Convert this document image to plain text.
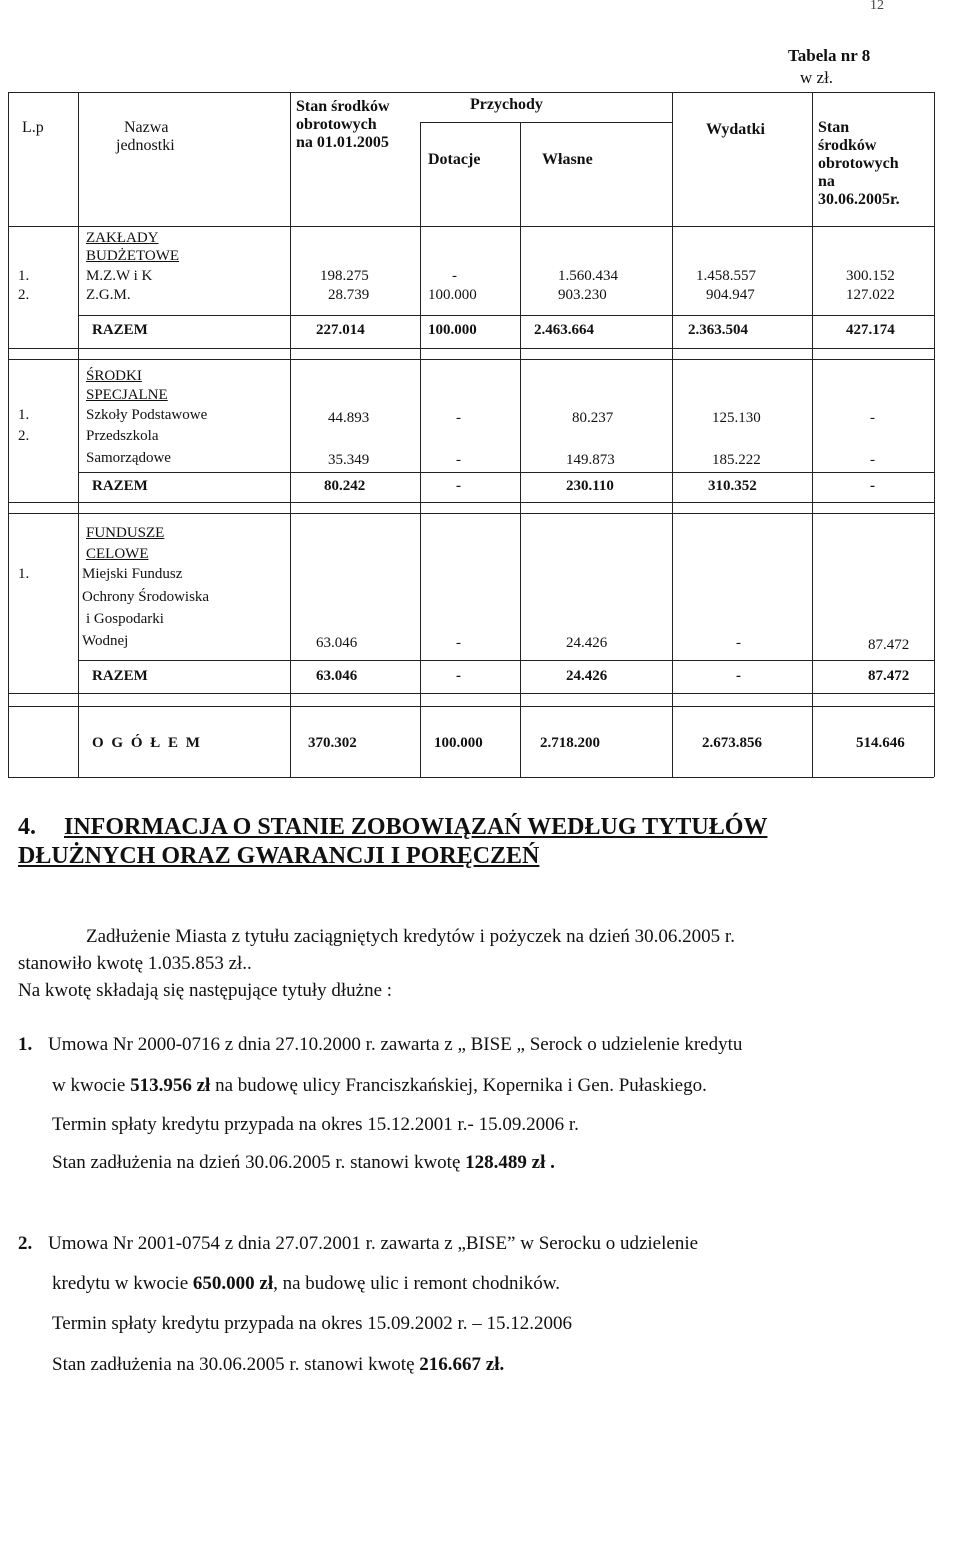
12
Tabela nr 8
w zł.
L.p	Nazwa
jednostki
Stan środków
obrotowych
na 01.01.2005
Przychody
Dotacje	Własne
Wydatki	Stan
środków
obrotowych
na
30.06.2005r.
ZAKŁADY
BUDŻETOWE
1.	M.Z.W i K	198.275	-	1.560.434	1.458.557	300.152
2.	Z.G.M.	28.739	100.000	903.230	904.947	127.022
RAZEM	227.014	100.000	2.463.664	2.363.504	427.174
ŚRODKI
SPECJALNE
1.	Szkoły Podstawowe	44.893	-	80.237	125.130	-
2.	Przedszkola
Samorządowe	35.349	-	149.873	185.222	-
RAZEM	80.242	-	230.110	310.352	-
FUNDUSZE
CELOWE
1.	Miejski Fundusz
Ochrony Środowiska
i Gospodarki
Wodnej	63.046	-	24.426	-	87.472
RAZEM	63.046	-	24.426	-	87.472
O G Ó Ł E M	370.302	100.000	2.718.200	2.673.856	514.646
4. INFORMACJA O STANIE ZOBOWIĄZAŃ WEDŁUG TYTUŁÓW
DŁUŻNYCH ORAZ GWARANCJI I PORĘCZEŃ
Zadłużenie Miasta z tytułu zaciągniętych kredytów i pożyczek na dzień 30.06.2005 r.
stanowiło kwotę 1.035.853 zł..
Na kwotę składają się następujące tytuły dłużne :
1. Umowa Nr 2000-0716 z dnia 27.10.2000 r. zawarta z „ BISE „ Serock o udzielenie kredytu
w kwocie 513.956 zł na budowę ulicy Franciszkańskiej, Kopernika i Gen. Pułaskiego.
Termin spłaty kredytu przypada na okres 15.12.2001 r.- 15.09.2006 r.
Stan zadłużenia na dzień 30.06.2005 r. stanowi kwotę 128.489 zł .
2. Umowa Nr 2001-0754 z dnia 27.07.2001 r. zawarta z „BISE” w Serocku o udzielenie
kredytu w kwocie 650.000 zł, na budowę ulic i remont chodników.
Termin spłaty kredytu przypada na okres 15.09.2002 r. – 15.12.2006
Stan zadłużenia na 30.06.2005 r. stanowi kwotę 216.667 zł.
